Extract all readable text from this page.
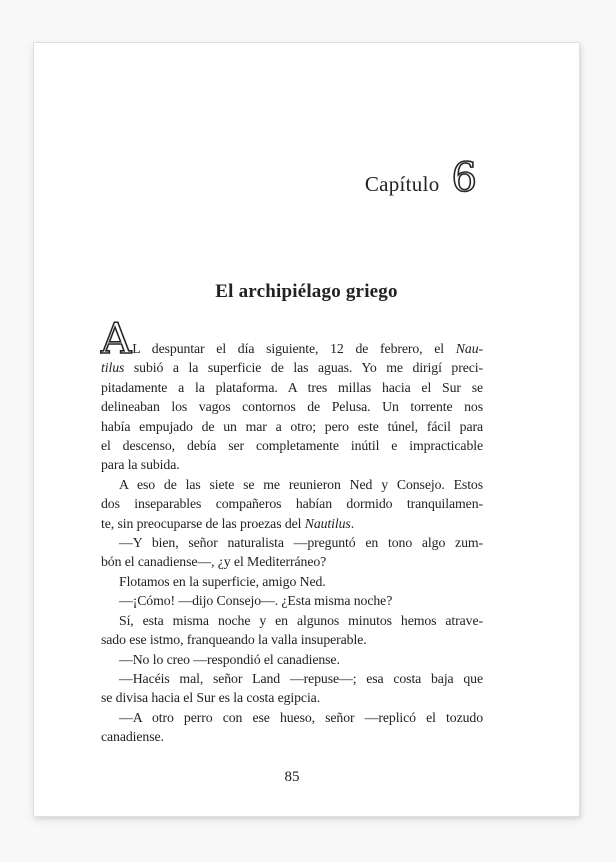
Capítulo 6
El archipiélago griego
AL despuntar el día siguiente, 12 de febrero, el Nau-
tilus subió a la superficie de las aguas. Yo me dirigí preci-
pitadamente a la plataforma. A tres millas hacia el Sur se
delineaban los vagos contornos de Pelusa. Un torrente nos
había empujado de un mar a otro; pero este túnel, fácil para
el descenso, debía ser completamente inútil e impracticable
para la subida.
A eso de las siete se me reunieron Ned y Consejo. Estos
dos inseparables compañeros habían dormido tranquilamen-
te, sin preocuparse de las proezas del Nautilus.
—Y bien, señor naturalista —preguntó en tono algo zum-
bón el canadiense—, ¿y el Mediterráneo?
Flotamos en la superficie, amigo Ned.
—¡Cómo! —dijo Consejo—. ¿Esta misma noche?
Sí, esta misma noche y en algunos minutos hemos atrave-
sado ese istmo, franqueando la valla insuperable.
—No lo creo —respondió el canadiense.
—Hacéis mal, señor Land —repuse—; esa costa baja que
se divisa hacia el Sur es la costa egipcia.
—A otro perro con ese hueso, señor —replicó el tozudo
canadiense.
85
